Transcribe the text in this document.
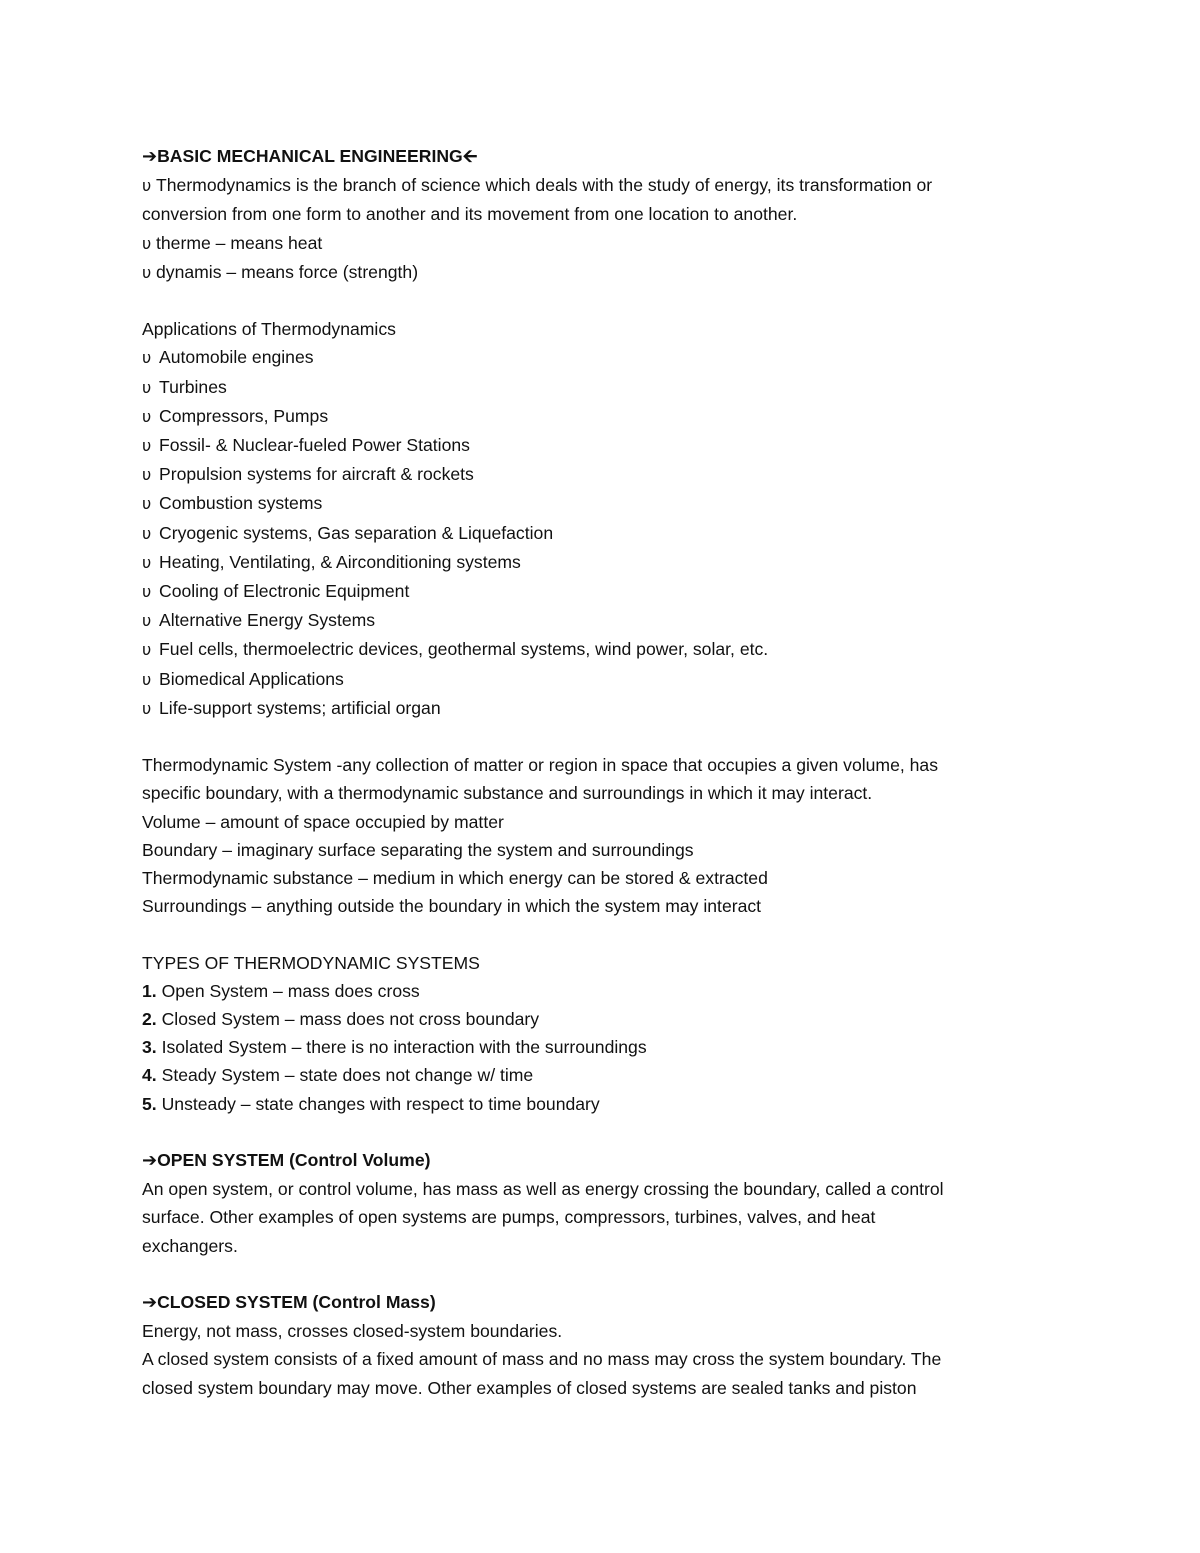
➔BASIC MECHANICAL ENGINEERING🡨

υ Thermodynamics is the branch of science which deals with the study of energy, its transformation or

conversion from one form to another and its movement from one location to another.

υ therme – means heat

υ dynamis – means force (strength)

Applications of Thermodynamics

υ Automobile engines

υ Turbines

υ Compressors, Pumps

υ Fossil- & Nuclear-fueled Power Stations

υ Propulsion systems for aircraft & rockets

υ Combustion systems

υ Cryogenic systems, Gas separation & Liquefaction

υ Heating, Ventilating, & Airconditioning systems

υ Cooling of Electronic Equipment

υ Alternative Energy Systems

υ Fuel cells, thermoelectric devices, geothermal systems, wind power, solar, etc.

υ Biomedical Applications

υ Life-support systems; artificial organ

Thermodynamic System -any collection of matter or region in space that occupies a given volume, has

specific boundary, with a thermodynamic substance and surroundings in which it may interact.

Volume – amount of space occupied by matter

Boundary – imaginary surface separating the system and surroundings

Thermodynamic substance – medium in which energy can be stored & extracted

Surroundings – anything outside the boundary in which the system may interact

TYPES OF THERMODYNAMIC SYSTEMS

1. Open System – mass does cross

2. Closed System – mass does not cross boundary

3. Isolated System – there is no interaction with the surroundings

4. Steady System – state does not change w/ time

5. Unsteady – state changes with respect to time boundary

➔OPEN SYSTEM (Control Volume)

An open system, or control volume, has mass as well as energy crossing the boundary, called a control

surface. Other examples of open systems are pumps, compressors, turbines, valves, and heat

exchangers.

➔CLOSED SYSTEM (Control Mass)

Energy, not mass, crosses closed-system boundaries.

A closed system consists of a fixed amount of mass and no mass may cross the system boundary. The

closed system boundary may move. Other examples of closed systems are sealed tanks and piston
